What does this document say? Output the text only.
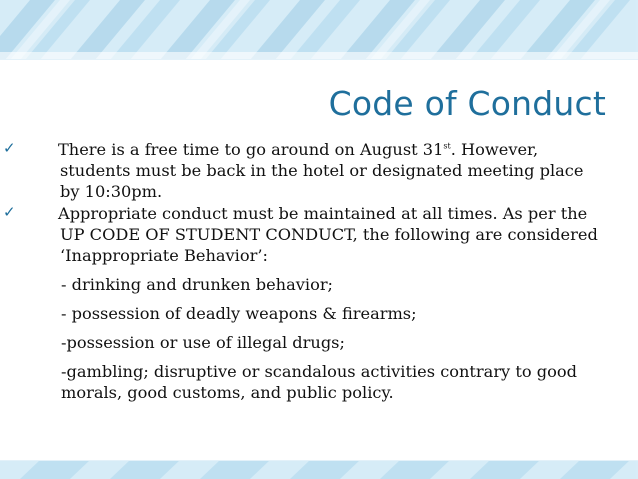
Code of Conduct
✓	There is a free time to go around on August 31st. However, students must be back in the hotel or designated meeting place by 10:30pm.

✓	Appropriate conduct must be maintained at all times. As per the UP CODE OF STUDENT CONDUCT, the following are considered ‘Inappropriate Behavior’:

- drinking and drunken behavior;

- possession of deadly weapons & firearms;

-possession or use of illegal drugs;

-gambling; disruptive or scandalous activities contrary to good morals, good customs, and public policy.
